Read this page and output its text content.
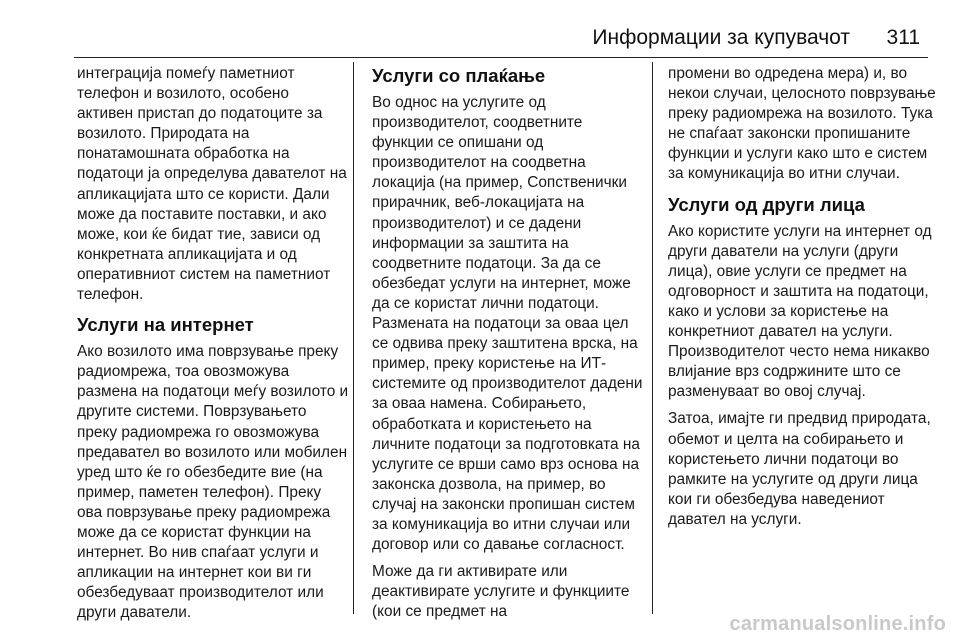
Информации за купувачот 311

интеграција помеѓу паметниот телефон и возилото, особено активен пристап до податоците за возилото. Природата на понатамошната обработка на податоци ја определува давателот на апликацијата што се користи. Дали може да поставите поставки, и ако може, кои ќе бидат тие, зависи од конкретната апликацијата и од оперативниот систем на паметниот телефон.

Услуги на интернет

Ако возилото има поврзување преку радиомрежа, тоа овозможува размена на податоци меѓу возилото и другите системи. Поврзувањето преку радиомрежа го овозможува предавател во возилото или мобилен уред што ќе го обезбедите вие (на пример, паметен телефон). Преку ова поврзување преку радиомрежа може да се користат функции на интернет. Во нив спаѓаат услуги и апликации на интернет кои ви ги обезбедуваат производителот или други даватели.

Услуги со плаќање

Во однос на услугите од производителот, соодветните функции се опишани од производителот на соодветна локација (на пример, Сопственички прирачник, веб-локацијата на производителот) и се дадени информации за заштита на соодветните податоци. За да се обезбедат услуги на интернет, може да се користат лични податоци. Размената на податоци за оваа цел се одвива преку заштитена врска, на пример, преку користење на ИТ-системите од производителот дадени за оваа намена. Собирањето, обработката и користењето на личните податоци за подготовката на услугите се врши само врз основа на законска дозвола, на пример, во случај на законски пропишан систем за комуникација во итни случаи или договор или со давање согласност.

Може да ги активирате или деактивирате услугите и функциите (кои се предмет на

промени во одредена мера) и, во некои случаи, целосното поврзување преку радиомрежа на возилото. Тука не спаѓаат законски пропишаните функции и услуги како што е систем за комуникација во итни случаи.

Услуги од други лица

Ако користите услуги на интернет од други даватели на услуги (други лица), овие услуги се предмет на одговорност и заштита на податоци, како и услови за користење на конкретниот давател на услуги. Производителот често нема никакво влијание врз содржините што се разменуваат во овој случај.

Затоа, имајте ги предвид природата, обемот и целта на собирањето и користењето лични податоци во рамките на услугите од други лица кои ги обезбедува наведениот давател на услуги.

carmanualsonline.info
